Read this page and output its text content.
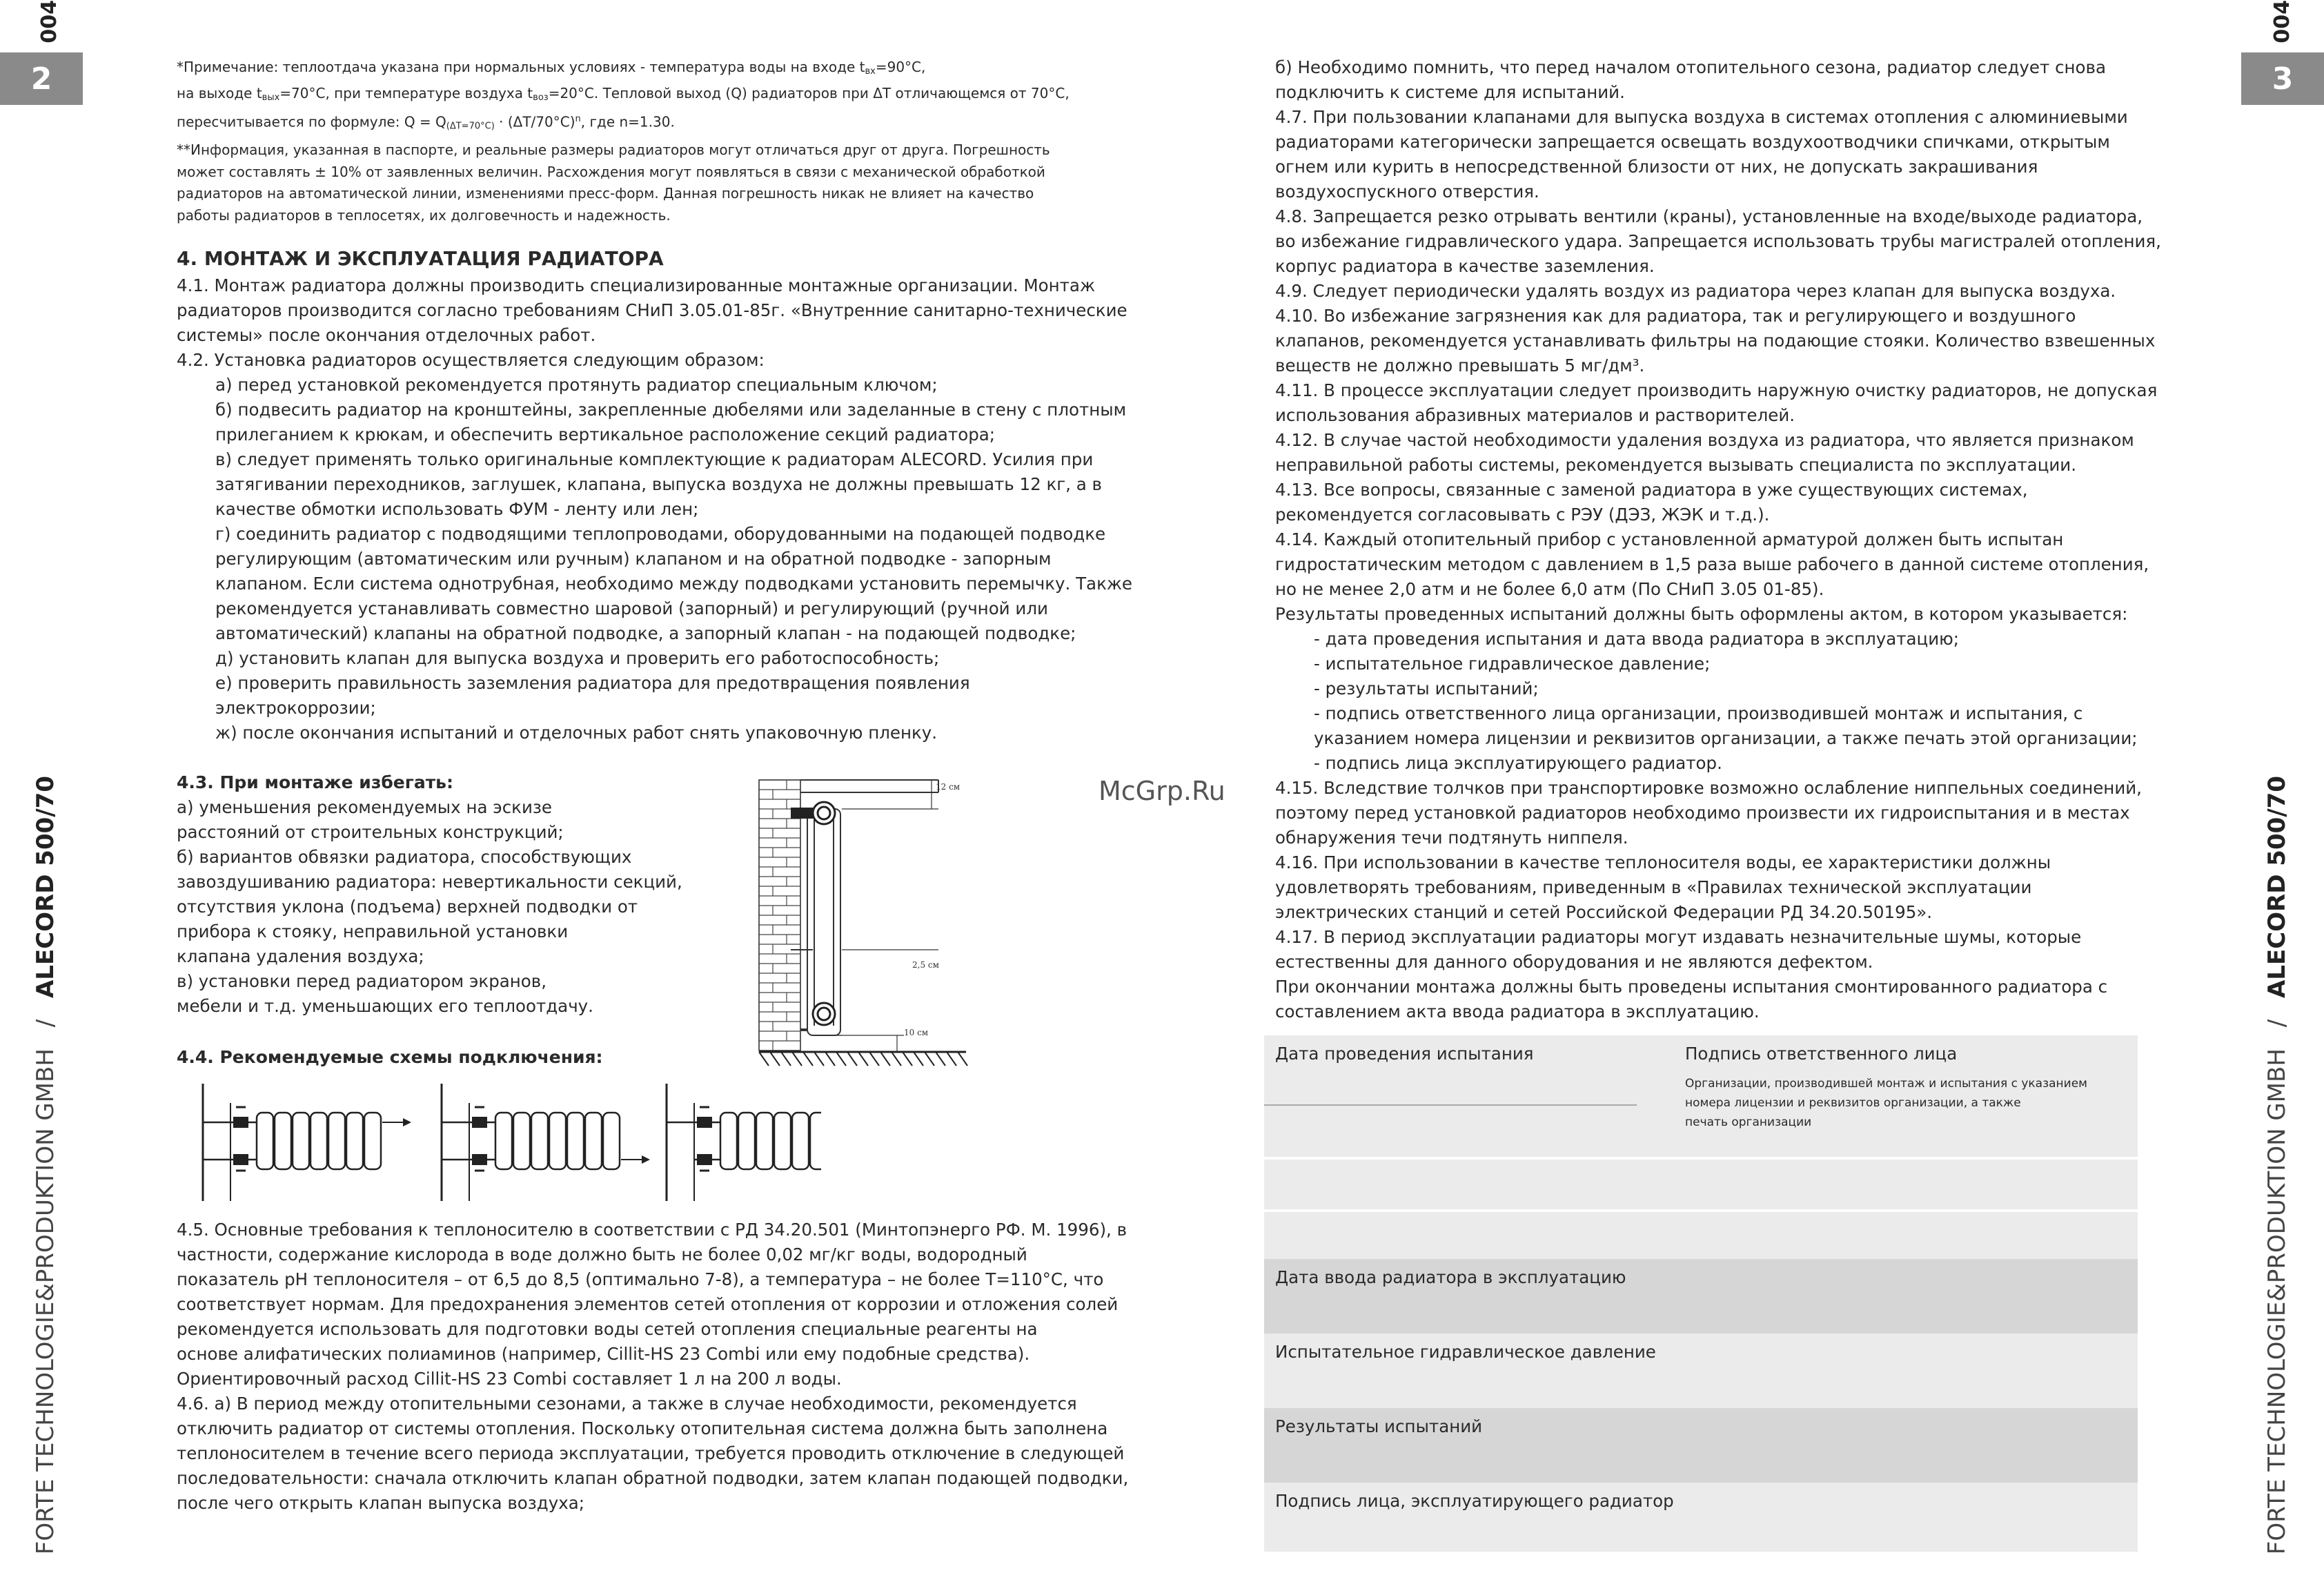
004	004
2	3
FORTE TECHNOLOGIE&PRODUKTION GMBH / ALECORD 500/70
FORTE TECHNOLOGIE&PRODUKTION GMBH / ALECORD 500/70
*Примечание: теплоотдача указана при нормальных условиях - температура воды на входе $t_{вх}=90^\circ С$,
на выходе $t_{вых}=70^\circ С$, при температуре воздуха $t_{воз}=20^\circ С$. Тепловой выход (Q) радиаторов при ΔT отличающемся от 70°С,
пересчитывается по формуле: $Q = Q_{(\Delta T=70^\circ С)} \cdot (\Delta T/70^\circ С)^n$, где n=1.30.
**Информация, указанная в паспорте, и реальные размеры радиаторов могут отличаться друг от друга. Погрешность
может составлять ± 10% от заявленных величин. Расхождения могут появляться в связи с механической обработкой
радиаторов на автоматической линии, изменениями пресс-форм. Данная погрешность никак не влияет на качество
работы радиаторов в теплосетях, их долговечность и надежность.
4. МОНТАЖ И ЭКСПЛУАТАЦИЯ РАДИАТОРА
4.1. Монтаж радиатора должны производить специализированные монтажные организации. Монтаж
радиаторов производится согласно требованиям СНиП 3.05.01-85г. «Внутренние санитарно-технические
системы» после окончания отделочных работ.
4.2. Установка радиаторов осуществляется следующим образом:
а) перед установкой рекомендуется протянуть радиатор специальным ключом;
б) подвесить радиатор на кронштейны, закрепленные дюбелями или заделанные в стену с плотным
прилеганием к крюкам, и обеспечить вертикальное расположение секций радиатора;
в) следует применять только оригинальные комплектующие к радиаторам ALECORD. Усилия при
затягивании переходников, заглушек, клапана, выпуска воздуха не должны превышать 12 кг, а в
качестве обмотки использовать ФУМ - ленту или лен;
г) соединить радиатор с подводящими теплопроводами, оборудованными на подающей подводке
регулирующим (автоматическим или ручным) клапаном и на обратной подводке - запорным
клапаном. Если система однотрубная, необходимо между подводками установить перемычку. Также
рекомендуется устанавливать совместно шаровой (запорный) и регулирующий (ручной или
автоматический) клапаны на обратной подводке, а запорный клапан - на подающей подводке;
д) установить клапан для выпуска воздуха и проверить его работоспособность;
е) проверить правильность заземления радиатора для предотвращения появления
электрокоррозии;
ж) после окончания испытаний и отделочных работ снять упаковочную пленку.
4.3. При монтаже избегать:
а) уменьшения рекомендуемых на эскизе
расстояний от строительных конструкций;
б) вариантов обвязки радиатора, способствующих
завоздушиванию радиатора: невертикальности секций,
отсутствия уклона (подъема) верхней подводки от
прибора к стояку, неправильной установки
клапана удаления воздуха;
в) установки перед радиатором экранов,
мебели и т.д. уменьшающих его теплоотдачу.
12 см
2,5 см
10 см
4.4. Рекомендуемые схемы подключения:
4.5. Основные требования к теплоносителю в соответствии с РД 34.20.501 (Минтопэнерго РФ. М. 1996), в
частности, содержание кислорода в воде должно быть не более 0,02 мг/кг воды, водородный
показатель pH теплоносителя – от 6,5 до 8,5 (оптимально 7-8), а температура – не более Т=110°С, что
соответствует нормам. Для предохранения элементов сетей отопления от коррозии и отложения солей
рекомендуется использовать для подготовки воды сетей отопления специальные реагенты на
основе алифатических полиаминов (например, Cillit-HS 23 Combi или ему подобные средства).
Ориентировочный расход Cillit-HS 23 Combi составляет 1 л на 200 л воды.
4.6. а) В период между отопительными сезонами, а также в случае необходимости, рекомендуется
отключить радиатор от системы отопления. Поскольку отопительная система должна быть заполнена
теплоносителем в течение всего периода эксплуатации, требуется проводить отключение в следующей
последовательности: сначала отключить клапан обратной подводки, затем клапан подающей подводки,
после чего открыть клапан выпуска воздуха;
McGrp.Ru
б) Необходимо помнить, что перед началом отопительного сезона, радиатор следует снова
подключить к системе для испытаний.
4.7. При пользовании клапанами для выпуска воздуха в системах отопления с алюминиевыми
радиаторами категорически запрещается освещать воздухоотводчики спичками, открытым
огнем или курить в непосредственной близости от них, не допускать закрашивания
воздухоспускного отверстия.
4.8. Запрещается резко отрывать вентили (краны), установленные на входе/выходе радиатора,
во избежание гидравлического удара. Запрещается использовать трубы магистралей отопления,
корпус радиатора в качестве заземления.
4.9. Следует периодически удалять воздух из радиатора через клапан для выпуска воздуха.
4.10. Во избежание загрязнения как для радиатора, так и регулирующего и воздушного
клапанов, рекомендуется устанавливать фильтры на подающие стояки. Количество взвешенных
веществ не должно превышать 5 мг/дм³.
4.11. В процессе эксплуатации следует производить наружную очистку радиаторов, не допуская
использования абразивных материалов и растворителей.
4.12. В случае частой необходимости удаления воздуха из радиатора, что является признаком
неправильной работы системы, рекомендуется вызывать специалиста по эксплуатации.
4.13. Все вопросы, связанные с заменой радиатора в уже существующих системах,
рекомендуется согласовывать с РЭУ (ДЭЗ, ЖЭК и т.д.).
4.14. Каждый отопительный прибор с установленной арматурой должен быть испытан
гидростатическим методом с давлением в 1,5 раза выше рабочего в данной системе отопления,
но не менее 2,0 атм и не более 6,0 атм (По СНиП 3.05 01-85).
Результаты проведенных испытаний должны быть оформлены актом, в котором указывается:
- дата проведения испытания и дата ввода радиатора в эксплуатацию;
- испытательное гидравлическое давление;
- результаты испытаний;
- подпись ответственного лица организации, производившей монтаж и испытания, с
указанием номера лицензии и реквизитов организации, а также печать этой организации;
- подпись лица эксплуатирующего радиатор.
4.15. Вследствие толчков при транспортировке возможно ослабление ниппельных соединений,
поэтому перед установкой радиаторов необходимо произвести их гидроиспытания и в местах
обнаружения течи подтянуть ниппеля.
4.16. При использовании в качестве теплоносителя воды, ее характеристики должны
удовлетворять требованиям, приведенным в «Правилах технической эксплуатации
электрических станций и сетей Российской Федерации РД 34.20.50195».
4.17. В период эксплуатации радиаторы могут издавать незначительные шумы, которые
естественны для данного оборудования и не являются дефектом.
При окончании монтажа должны быть проведены испытания смонтированного радиатора с
составлением акта ввода радиатора в эксплуатацию.
Дата проведения испытания	Подпись ответственного лица
Организации, производившей монтаж и испытания с указанием
номера лицензии и реквизитов организации, а также
печать организации
Дата ввода радиатора в эксплуатацию
Испытательное гидравлическое давление
Результаты испытаний
Подпись лица, эксплуатирующего радиатор
